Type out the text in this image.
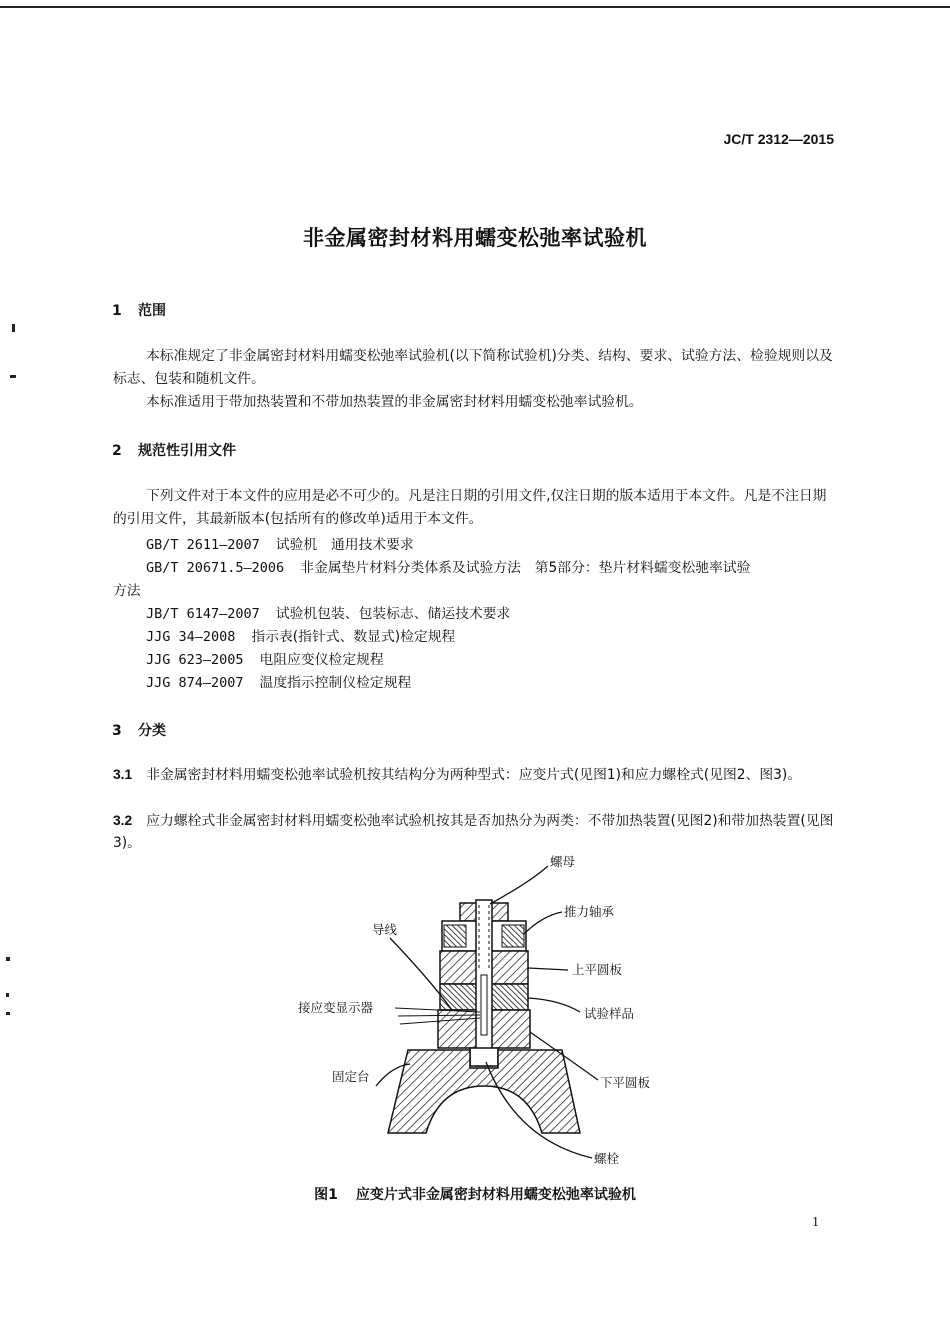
JC/T 2312—2015
非金属密封材料用蠕变松弛率试验机
1 范围
本标准规定了非金属密封材料用蠕变松弛率试验机(以下简称试验机)分类、结构、要求、试验方法、检验规则以及标志、包装和随机文件。
本标准适用于带加热装置和不带加热装置的非金属密封材料用蠕变松弛率试验机。
2 规范性引用文件
下列文件对于本文件的应用是必不可少的。凡是注日期的引用文件,仅注日期的版本适用于本文件。凡是不注日期的引用文件，其最新版本(包括所有的修改单)适用于本文件。
GB/T 2611—2007 试验机　通用技术要求
GB/T 20671.5—2006 非金属垫片材料分类体系及试验方法　第5部分：垫片材料蠕变松驰率试验
方法
JB/T 6147—2007 试验机包装、包装标志、储运技术要求
JJG 34—2008 指示表(指针式、数显式)检定规程
JJG 623—2005 电阻应变仪检定规程
JJG 874—2007 温度指示控制仪检定规程
3 分类
3.1 非金属密封材料用蠕变松弛率试验机按其结构分为两种型式：应变片式(见图1)和应力螺栓式(见图2、图3)。
3.2 应力螺栓式非金属密封材料用蠕变松弛率试验机按其是否加热分为两类：不带加热装置(见图2)和带加热装置(见图3)。
螺母
推力轴承
上平圆板
试验样品
下平圆板
螺栓
导线
接应变显示器
固定台
图1 应变片式非金属密封材料用蠕变松弛率试验机
1
